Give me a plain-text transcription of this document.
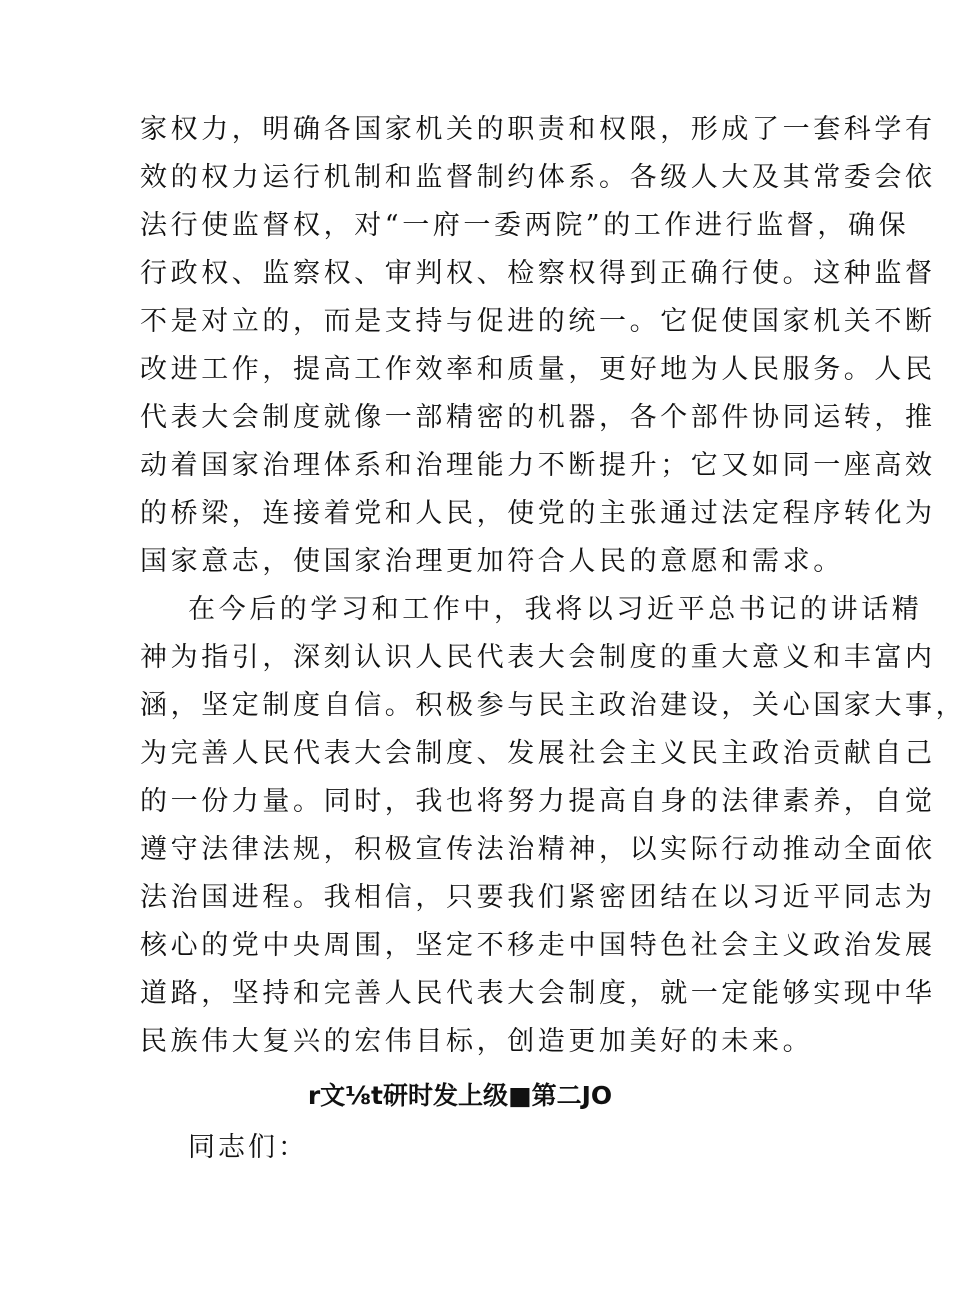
家权力，明确各国家机关的职责和权限，形成了一套科学有
效的权力运行机制和监督制约体系。各级人大及其常委会依
法行使监督权，对“一府一委两院”的工作进行监督，确保
行政权、监察权、审判权、检察权得到正确行使。这种监督
不是对立的，而是支持与促进的统一。它促使国家机关不断
改进工作，提高工作效率和质量，更好地为人民服务。人民
代表大会制度就像一部精密的机器，各个部件协同运转，推
动着国家治理体系和治理能力不断提升；它又如同一座高效
的桥梁，连接着党和人民，使党的主张通过法定程序转化为
国家意志，使国家治理更加符合人民的意愿和需求。
在今后的学习和工作中，我将以习近平总书记的讲话精
神为指引，深刻认识人民代表大会制度的重大意义和丰富内
涵，坚定制度自信。积极参与民主政治建设，关心国家大事，
为完善人民代表大会制度、发展社会主义民主政治贡献自己
的一份力量。同时，我也将努力提高自身的法律素养，自觉
遵守法律法规，积极宣传法治精神，以实际行动推动全面依
法治国进程。我相信，只要我们紧密团结在以习近平同志为
核心的党中央周围，坚定不移走中国特色社会主义政治发展
道路，坚持和完善人民代表大会制度，就一定能够实现中华
民族伟大复兴的宏伟目标，创造更加美好的未来。
r文⅛t研时发上级■第二JO
同志们：
